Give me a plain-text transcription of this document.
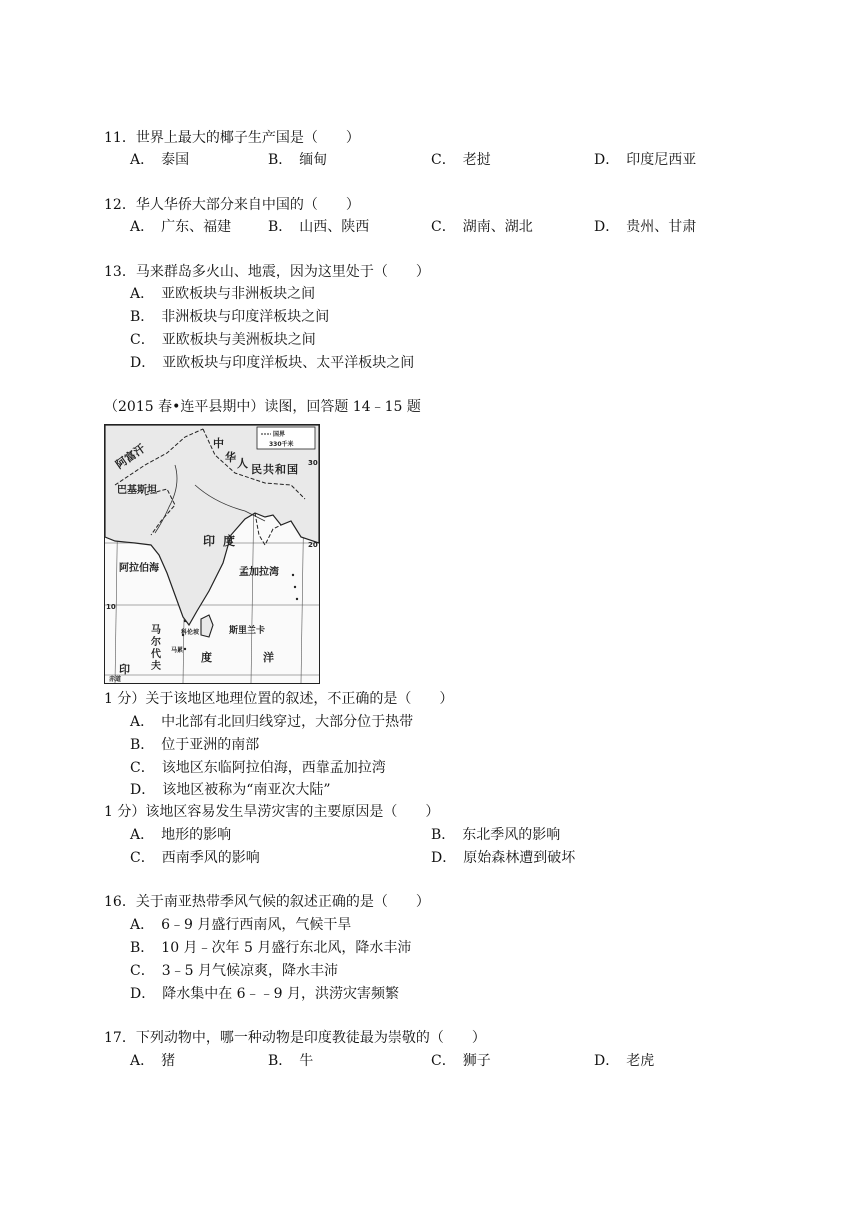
11．世界上最大的椰子生产国是（　　）
A．　泰国	B．　缅甸	C．　老挝	D．　印度尼西亚
12．华人华侨大部分来自中国的（　　）
A．　广东、福建	B．　山西、陕西	C．　湖南、湖北	D．　贵州、甘肃
13．马来群岛多火山、地震，因为这里处于（　　）
A．　亚欧板块与非洲板块之间
B．　非洲板块与印度洋板块之间
C．　亚欧板块与美洲板块之间
D．　亚欧板块与印度洋板块、太平洋板块之间
（2015 春•连平县期中）读图，回答题 14﹣15 题
国界
330千米
30
20
10
阿富汗	中
华 人 民 共 和 国
巴基斯坦
印 度
阿拉伯海	孟加拉湾
马
尔
代
夫
斯里兰卡
科伦坡
马累
印
度	洋
赤道
1 分）关于该地区地理位置的叙述，不正确的是（　　）
A．　中北部有北回归线穿过，大部分位于热带
B．　位于亚洲的南部
C．　该地区东临阿拉伯海，西靠孟加拉湾
D．　该地区被称为“南亚次大陆”
1 分）该地区容易发生旱涝灾害的主要原因是（　　）
A．　地形的影响	B．　东北季风的影响
C．　西南季风的影响	D．　原始森林遭到破坏
16．关于南亚热带季风气候的叙述正确的是（　　）
A．　6﹣9 月盛行西南风，气候干旱
B．　10 月﹣次年 5 月盛行东北风，降水丰沛
C．　3﹣5 月气候凉爽，降水丰沛
D．　降水集中在 6﹣﹣9 月，洪涝灾害频繁
17．下列动物中，哪一种动物是印度教徒最为崇敬的（　　）
A．　猪	B．　牛	C．　狮子	D．　老虎
